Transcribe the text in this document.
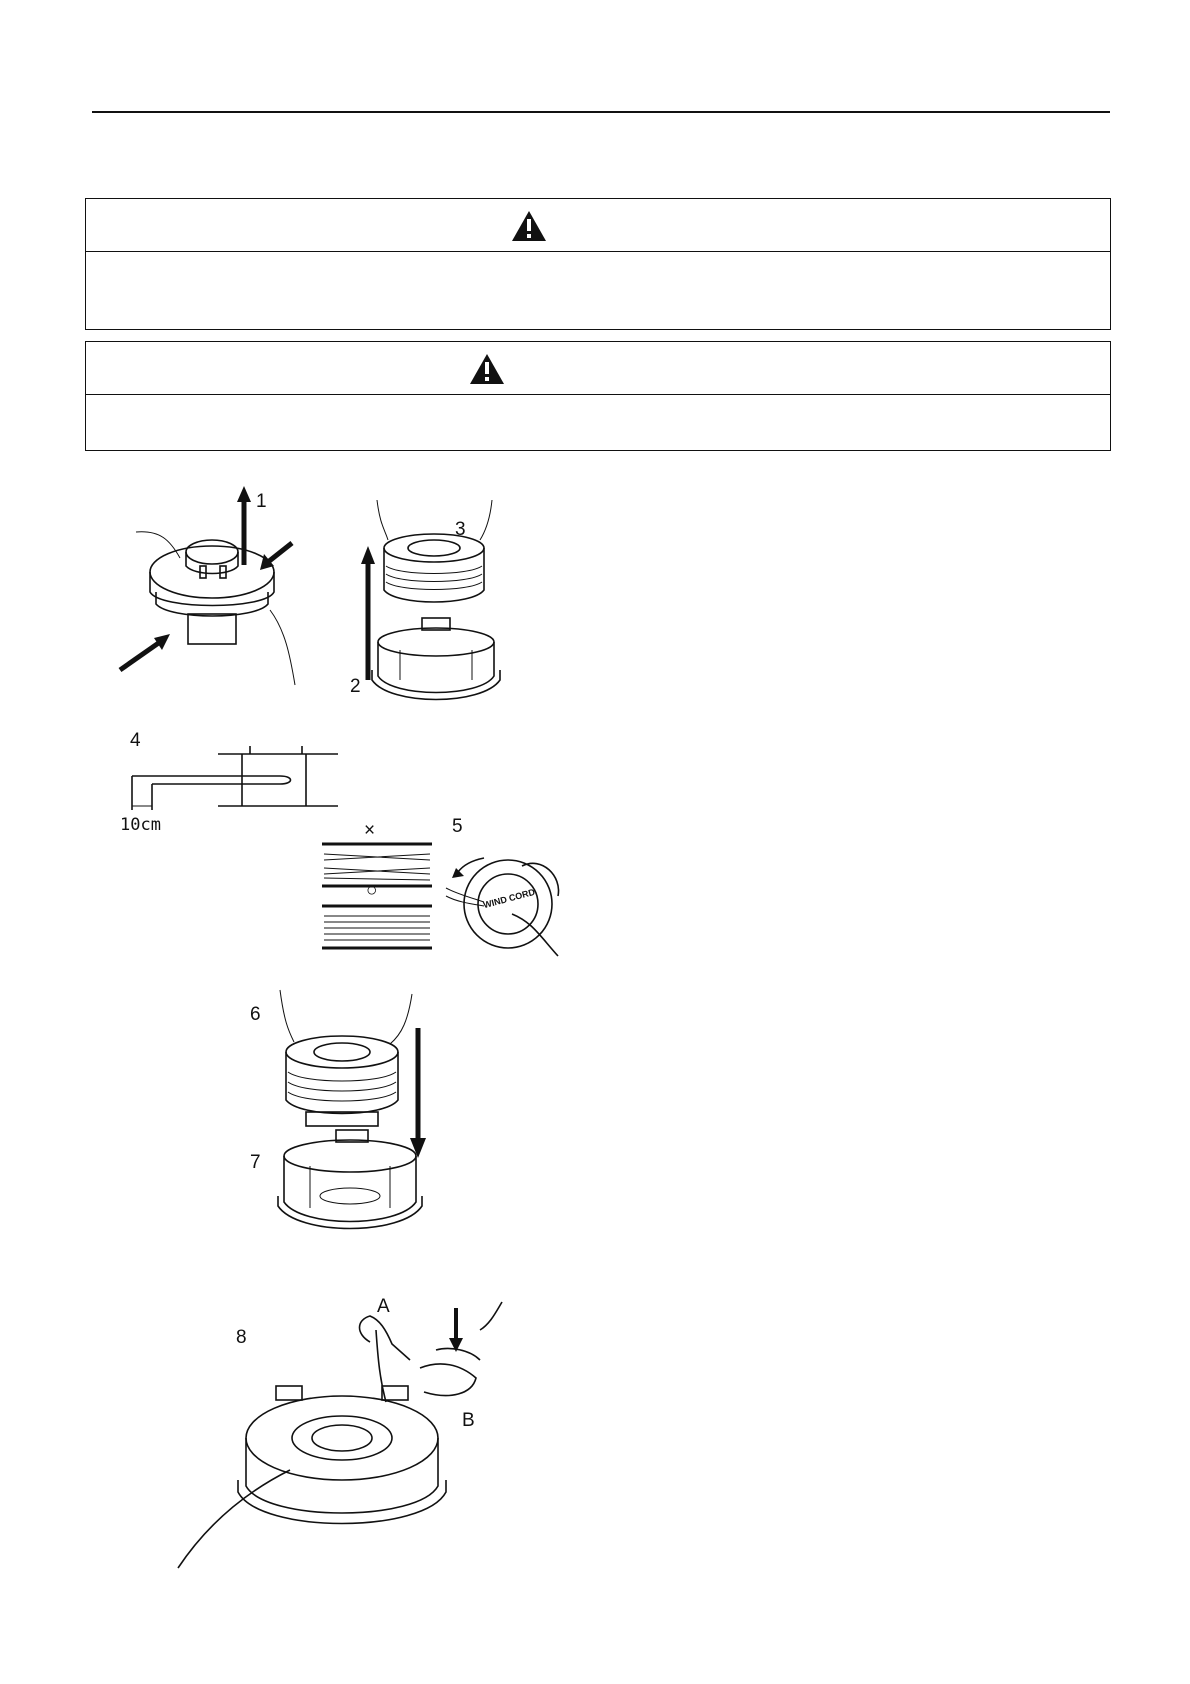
1
3
2
4
10cm	5
×
○	WIND CORD
6
7
8
A
B
